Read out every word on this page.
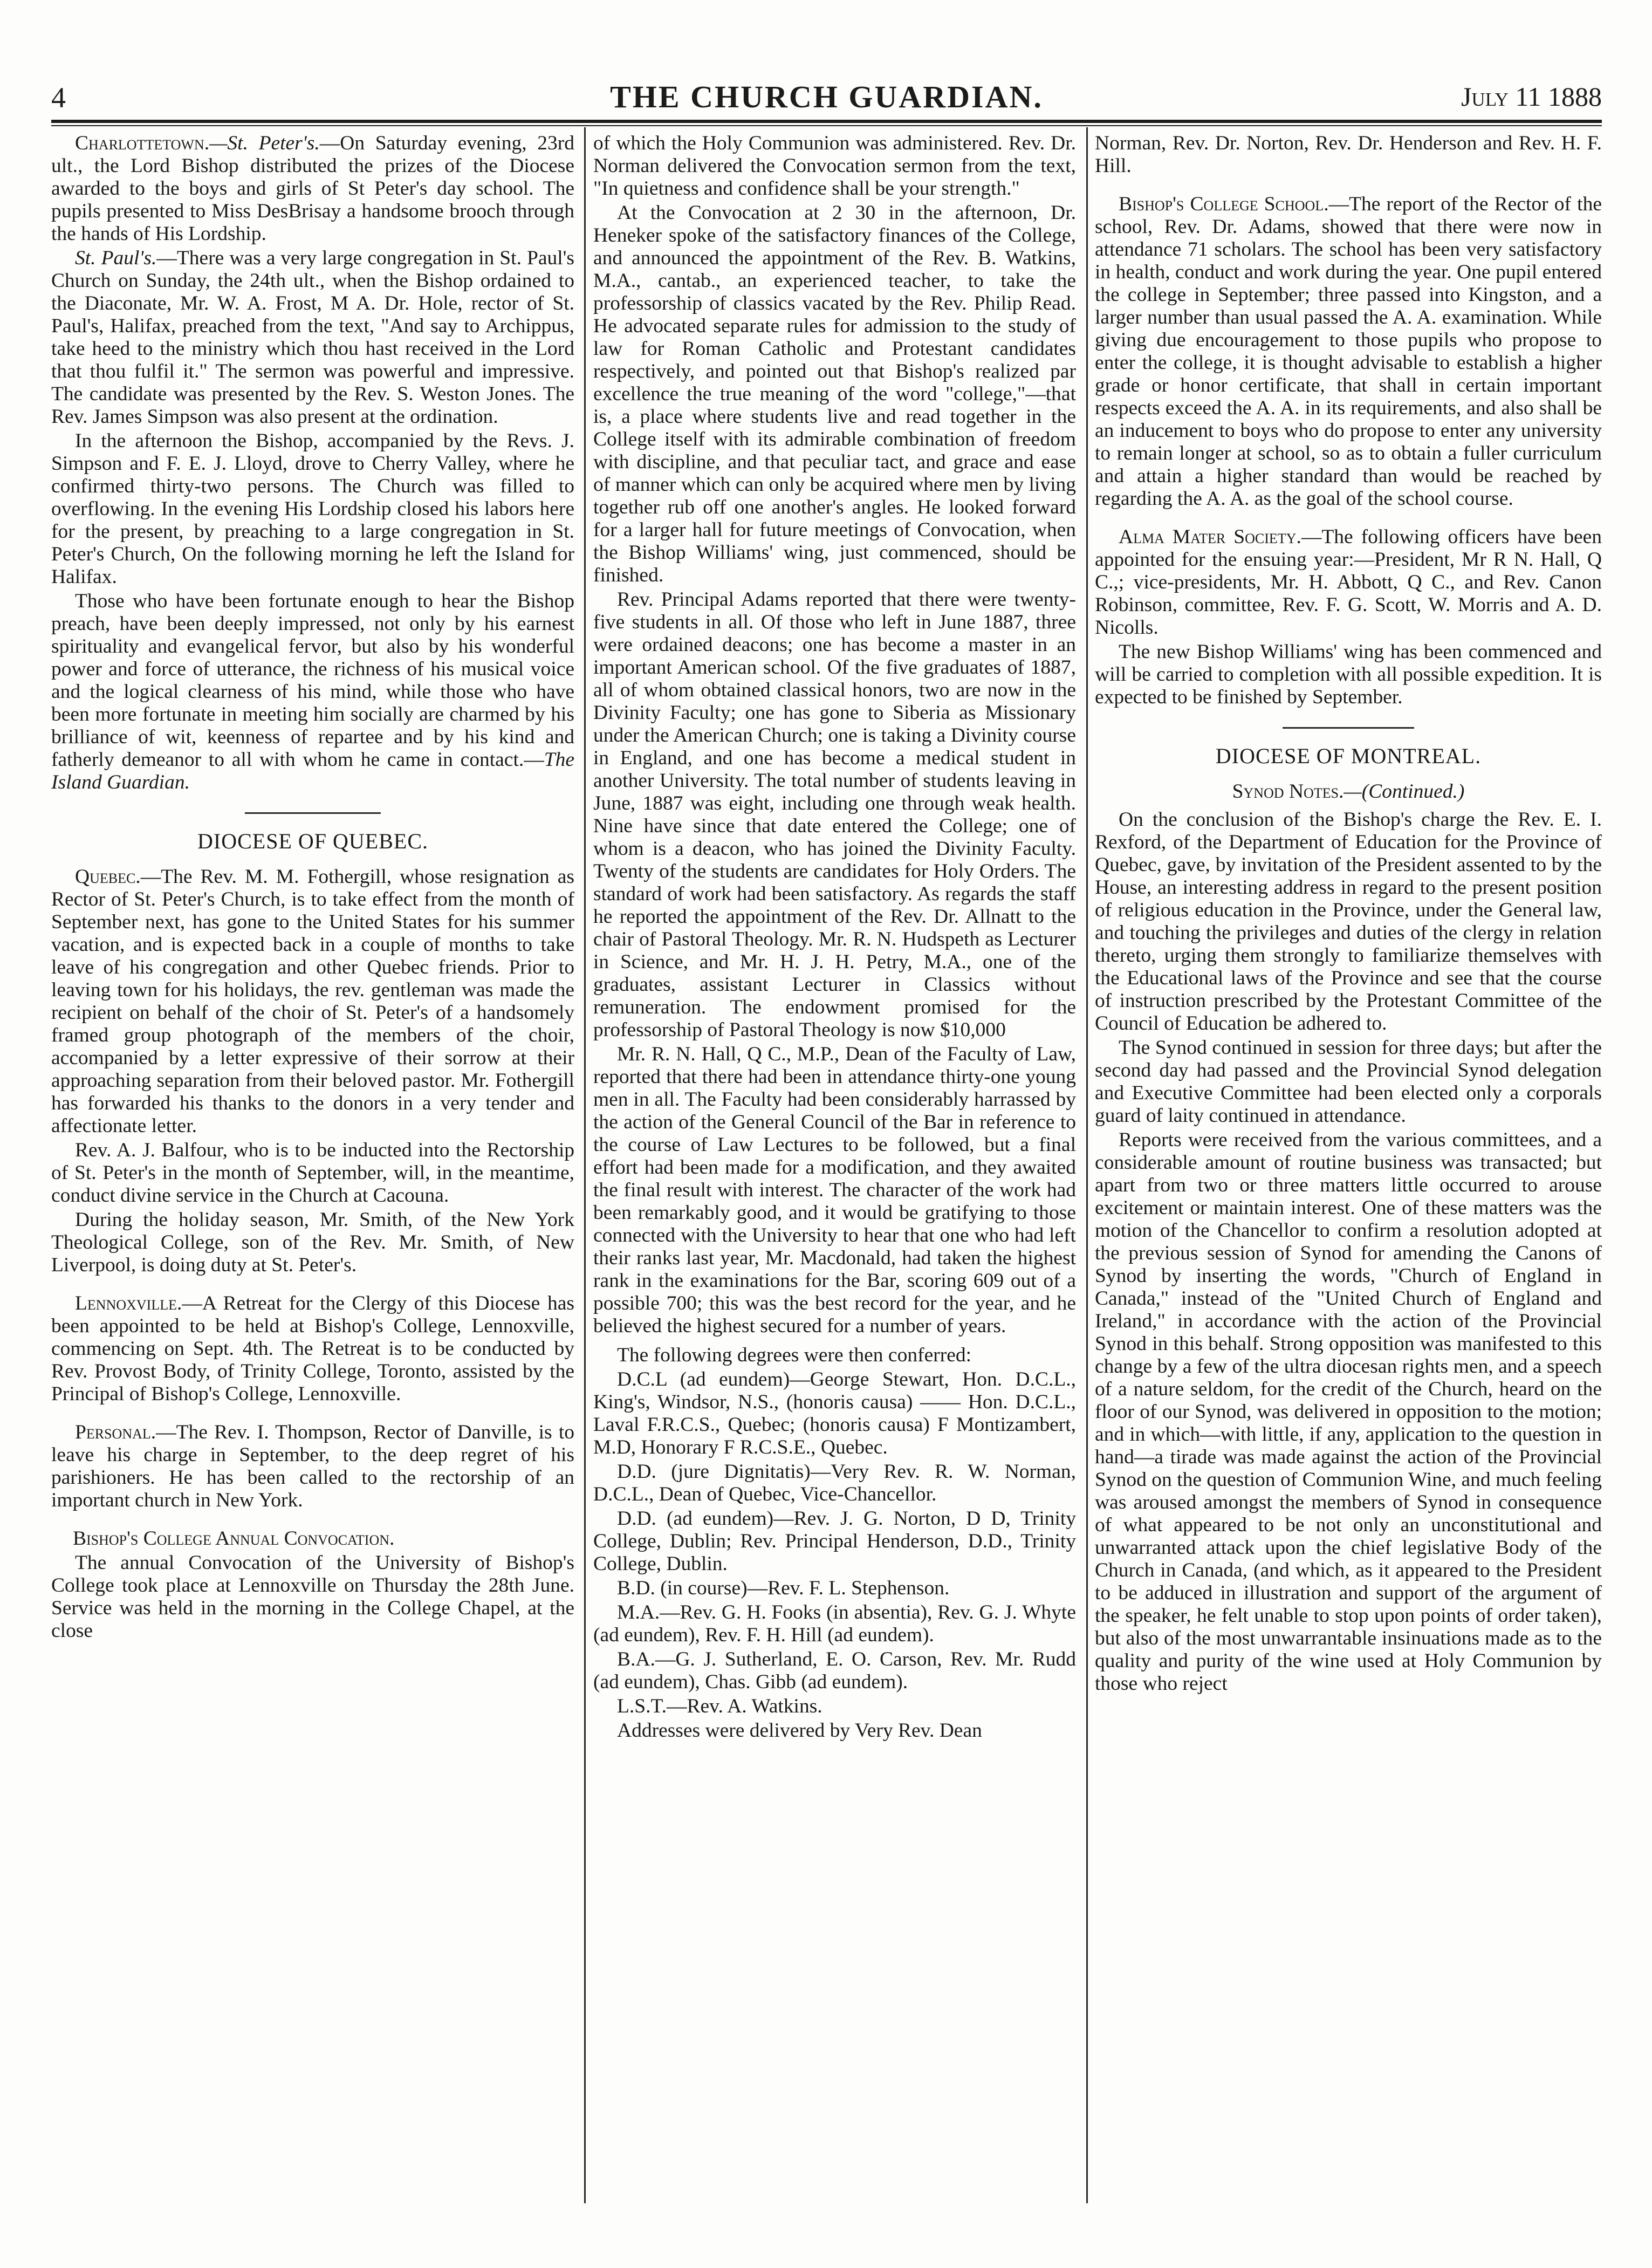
4	THE CHURCH GUARDIAN.	July 11 1888

Charlottetown.—St. Peter's.—On Saturday evening, 23rd ult., the Lord Bishop distributed the prizes of the Diocese awarded to the boys and girls of St Peter's day school. The pupils presented to Miss DesBrisay a handsome brooch through the hands of His Lordship.

St. Paul's.—There was a very large congregation in St. Paul's Church on Sunday, the 24th ult., when the Bishop ordained to the Diaconate, Mr. W. A. Frost, M A. Dr. Hole, rector of St. Paul's, Halifax, preached from the text, "And say to Archippus, take heed to the ministry which thou hast received in the Lord that thou fulfil it." The sermon was powerful and impressive. The candidate was presented by the Rev. S. Weston Jones. The Rev. James Simpson was also present at the ordination.

In the afternoon the Bishop, accompanied by the Revs. J. Simpson and F. E. J. Lloyd, drove to Cherry Valley, where he confirmed thirty-two persons. The Church was filled to overflowing. In the evening His Lordship closed his labors here for the present, by preaching to a large congregation in St. Peter's Church, On the following morning he left the Island for Halifax.

Those who have been fortunate enough to hear the Bishop preach, have been deeply impressed, not only by his earnest spirituality and evangelical fervor, but also by his wonderful power and force of utterance, the richness of his musical voice and the logical clearness of his mind, while those who have been more fortunate in meeting him socially are charmed by his brilliance of wit, keenness of repartee and by his kind and fatherly demeanor to all with whom he came in contact.—The Island Guardian.

DIOCESE OF QUEBEC.

Quebec.—The Rev. M. M. Fothergill, whose resignation as Rector of St. Peter's Church, is to take effect from the month of September next, has gone to the United States for his summer vacation, and is expected back in a couple of months to take leave of his congregation and other Quebec friends. Prior to leaving town for his holidays, the rev. gentleman was made the recipient on behalf of the choir of St. Peter's of a handsomely framed group photograph of the members of the choir, accompanied by a letter expressive of their sorrow at their approaching separation from their beloved pastor. Mr. Fothergill has forwarded his thanks to the donors in a very tender and affectionate letter.

Rev. A. J. Balfour, who is to be inducted into the Rectorship of St. Peter's in the month of September, will, in the meantime, conduct divine service in the Church at Cacouna.

During the holiday season, Mr. Smith, of the New York Theological College, son of the Rev. Mr. Smith, of New Liverpool, is doing duty at St. Peter's.

Lennoxville.—A Retreat for the Clergy of this Diocese has been appointed to be held at Bishop's College, Lennoxville, commencing on Sept. 4th. The Retreat is to be conducted by Rev. Provost Body, of Trinity College, Toronto, assisted by the Principal of Bishop's College, Lennoxville.

Personal.—The Rev. I. Thompson, Rector of Danville, is to leave his charge in September, to the deep regret of his parishioners. He has been called to the rectorship of an important church in New York.

Bishop's College Annual Convocation.

The annual Convocation of the University of Bishop's College took place at Lennoxville on Thursday the 28th June. Service was held in the morning in the College Chapel, at the close

of which the Holy Communion was administered. Rev. Dr. Norman delivered the Convocation sermon from the text, "In quietness and confidence shall be your strength."

At the Convocation at 2 30 in the afternoon, Dr. Heneker spoke of the satisfactory finances of the College, and announced the appointment of the Rev. B. Watkins, M.A., cantab., an experienced teacher, to take the professorship of classics vacated by the Rev. Philip Read. He advocated separate rules for admission to the study of law for Roman Catholic and Protestant candidates respectively, and pointed out that Bishop's realized par excellence the true meaning of the word "college,"—that is, a place where students live and read together in the College itself with its admirable combination of freedom with discipline, and that peculiar tact, and grace and ease of manner which can only be acquired where men by living together rub off one another's angles. He looked forward for a larger hall for future meetings of Convocation, when the Bishop Williams' wing, just commenced, should be finished.

Rev. Principal Adams reported that there were twenty-five students in all. Of those who left in June 1887, three were ordained deacons; one has become a master in an important American school. Of the five graduates of 1887, all of whom obtained classical honors, two are now in the Divinity Faculty; one has gone to Siberia as Missionary under the American Church; one is taking a Divinity course in England, and one has become a medical student in another University. The total number of students leaving in June, 1887 was eight, including one through weak health. Nine have since that date entered the College; one of whom is a deacon, who has joined the Divinity Faculty. Twenty of the students are candidates for Holy Orders. The standard of work had been satisfactory. As regards the staff he reported the appointment of the Rev. Dr. Allnatt to the chair of Pastoral Theology. Mr. R. N. Hudspeth as Lecturer in Science, and Mr. H. J. H. Petry, M.A., one of the graduates, assistant Lecturer in Classics without remuneration. The endowment promised for the professorship of Pastoral Theology is now $10,000

Mr. R. N. Hall, Q C., M.P., Dean of the Faculty of Law, reported that there had been in attendance thirty-one young men in all. The Faculty had been considerably harrassed by the action of the General Council of the Bar in reference to the course of Law Lectures to be followed, but a final effort had been made for a modification, and they awaited the final result with interest. The character of the work had been remarkably good, and it would be gratifying to those connected with the University to hear that one who had left their ranks last year, Mr. Macdonald, had taken the highest rank in the examinations for the Bar, scoring 609 out of a possible 700; this was the best record for the year, and he believed the highest secured for a number of years.

The following degrees were then conferred:

D.C.L (ad eundem)—George Stewart, Hon. D.C.L., King's, Windsor, N.S., (honoris causa) —— Hon. D.C.L., Laval F.R.C.S., Quebec; (honoris causa) F Montizambert, M.D, Honorary F R.C.S.E., Quebec.

D.D. (jure Dignitatis)—Very Rev. R. W. Norman, D.C.L., Dean of Quebec, Vice-Chancellor.

D.D. (ad eundem)—Rev. J. G. Norton, D D, Trinity College, Dublin; Rev. Principal Henderson, D.D., Trinity College, Dublin.

B.D. (in course)—Rev. F. L. Stephenson.

M.A.—Rev. G. H. Fooks (in absentia), Rev. G. J. Whyte (ad eundem), Rev. F. H. Hill (ad eundem).

B.A.—G. J. Sutherland, E. O. Carson, Rev. Mr. Rudd (ad eundem), Chas. Gibb (ad eundem).

L.S.T.—Rev. A. Watkins.

Addresses were delivered by Very Rev. Dean

Norman, Rev. Dr. Norton, Rev. Dr. Henderson and Rev. H. F. Hill.

Bishop's College School.—The report of the Rector of the school, Rev. Dr. Adams, showed that there were now in attendance 71 scholars. The school has been very satisfactory in health, conduct and work during the year. One pupil entered the college in September; three passed into Kingston, and a larger number than usual passed the A. A. examination. While giving due encouragement to those pupils who propose to enter the college, it is thought advisable to establish a higher grade or honor certificate, that shall in certain important respects exceed the A. A. in its requirements, and also shall be an inducement to boys who do propose to enter any university to remain longer at school, so as to obtain a fuller curriculum and attain a higher standard than would be reached by regarding the A. A. as the goal of the school course.

Alma Mater Society.—The following officers have been appointed for the ensuing year:—President, Mr R N. Hall, Q C.,; vice-presidents, Mr. H. Abbott, Q C., and Rev. Canon Robinson, committee, Rev. F. G. Scott, W. Morris and A. D. Nicolls.

The new Bishop Williams' wing has been commenced and will be carried to completion with all possible expedition. It is expected to be finished by September.

DIOCESE OF MONTREAL.
Synod Notes.—(Continued.)

On the conclusion of the Bishop's charge the Rev. E. I. Rexford, of the Department of Education for the Province of Quebec, gave, by invitation of the President assented to by the House, an interesting address in regard to the present position of religious education in the Province, under the General law, and touching the privileges and duties of the clergy in relation thereto, urging them strongly to familiarize themselves with the Educational laws of the Province and see that the course of instruction prescribed by the Protestant Committee of the Council of Education be adhered to.

The Synod continued in session for three days; but after the second day had passed and the Provincial Synod delegation and Executive Committee had been elected only a corporals guard of laity continued in attendance.

Reports were received from the various committees, and a considerable amount of routine business was transacted; but apart from two or three matters little occurred to arouse excitement or maintain interest. One of these matters was the motion of the Chancellor to confirm a resolution adopted at the previous session of Synod for amending the Canons of Synod by inserting the words, "Church of England in Canada," instead of the "United Church of England and Ireland," in accordance with the action of the Provincial Synod in this behalf. Strong opposition was manifested to this change by a few of the ultra diocesan rights men, and a speech of a nature seldom, for the credit of the Church, heard on the floor of our Synod, was delivered in opposition to the motion; and in which—with little, if any, application to the question in hand—a tirade was made against the action of the Provincial Synod on the question of Communion Wine, and much feeling was aroused amongst the members of Synod in consequence of what appeared to be not only an unconstitutional and unwarranted attack upon the chief legislative Body of the Church in Canada, (and which, as it appeared to the President to be adduced in illustration and support of the argument of the speaker, he felt unable to stop upon points of order taken), but also of the most unwarrantable insinuations made as to the quality and purity of the wine used at Holy Communion by those who reject
